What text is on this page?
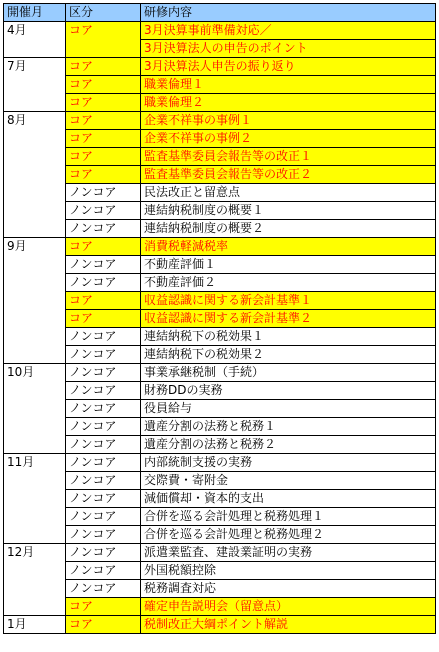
開催月	区分	研修内容
4月	コア	3月決算事前準備対応／
		3月決算法人の申告のポイント
7月	コア	3月決算法人申告の振り返り
	コア	職業倫理１
	コア	職業倫理２
8月	コア	企業不祥事の事例１
	コア	企業不祥事の事例２
	コア	監査基準委員会報告等の改正１
	コア	監査基準委員会報告等の改正２
	ノンコア	民法改正と留意点
	ノンコア	連結納税制度の概要１
	ノンコア	連結納税制度の概要２
9月	コア	消費税軽減税率
	ノンコア	不動産評価１
	ノンコア	不動産評価２
	コア	収益認識に関する新会計基準１
	コア	収益認識に関する新会計基準２
	ノンコア	連結納税下の税効果１
	ノンコア	連結納税下の税効果２
10月	ノンコア	事業承継税制（手続）
	ノンコア	財務DDの実務
	ノンコア	役員給与
	ノンコア	遺産分割の法務と税務１
	ノンコア	遺産分割の法務と税務２
11月	ノンコア	内部統制支援の実務
	ノンコア	交際費・寄附金
	ノンコア	減価償却・資本的支出
	ノンコア	合併を巡る会計処理と税務処理１
	ノンコア	合併を巡る会計処理と税務処理２
12月	ノンコア	派遣業監査、建設業証明の実務
	ノンコア	外国税額控除
	ノンコア	税務調査対応
	コア	確定申告説明会（留意点）
1月	コア	税制改正大綱ポイント解説
